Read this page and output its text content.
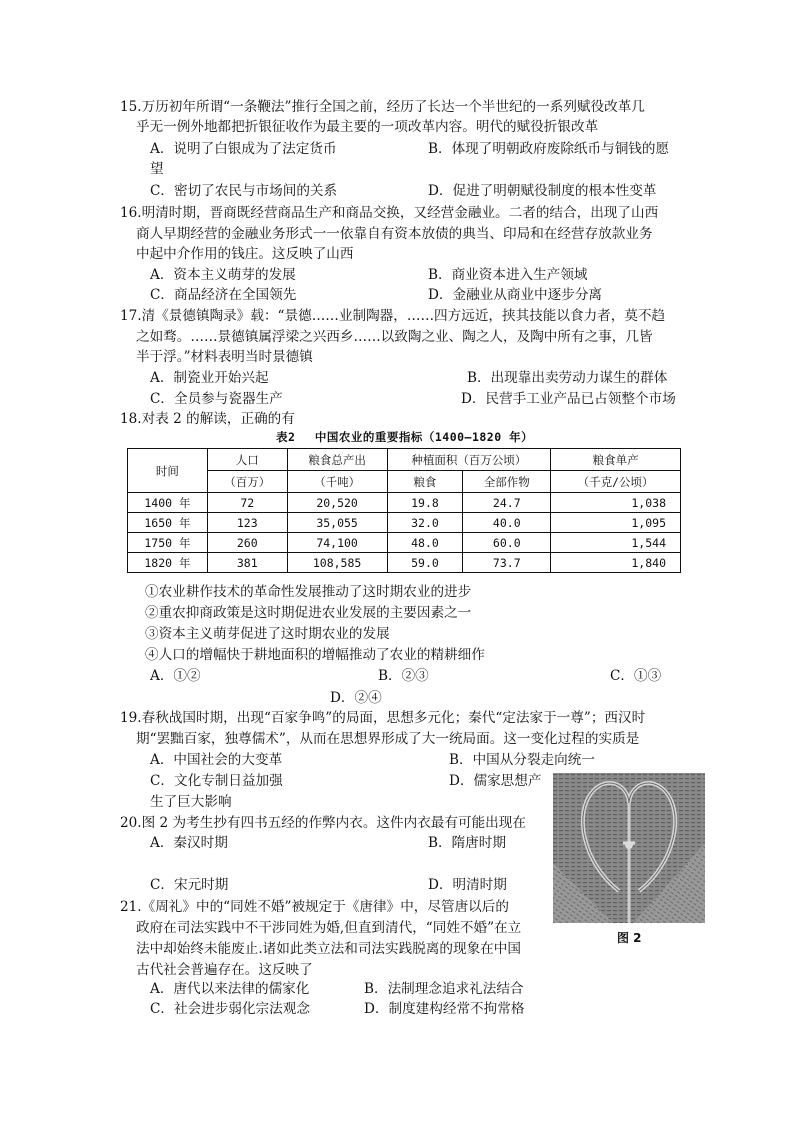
15.万历初年所谓“一条鞭法”推行全国之前，经历了长达一个半世纪的一系列赋役改革几
乎无一例外地都把折银征收作为最主要的一项改革内容。明代的赋役折银改革
A．说明了白银成为了法定货币	B．体现了明朝政府废除纸币与铜钱的愿
望
C．密切了农民与市场间的关系	D．促进了明朝赋役制度的根本性变革
16.明清时期，晋商既经营商品生产和商品交换，又经营金融业。二者的结合，出现了山西
商人早期经营的金融业务形式一一依靠自有资本放债的典当、印局和在经营存放款业务
中起中介作用的钱庄。这反映了山西
A．资本主义萌芽的发展	B．商业资本进入生产领域
C．商品经济在全国领先	D．金融业从商业中逐步分离
17.清《景德镇陶录》载：“景德……业制陶器，……四方远近，挟其技能以食力者，莫不趋
之如骛。……景德镇属浮梁之兴西乡……以致陶之业、陶之人，及陶中所有之事，几皆
半于浮。”材料表明当时景德镇
A．制瓷业开始兴起	B．出现靠出卖劳动力谋生的群体
C．全员参与瓷器生产	D．民营手工业产品已占领整个市场
18.对表 2 的解读，正确的有
表2　 中国农业的重要指标（1400—1820 年）
时间	人口	粮食总产出	种植面积（百万公顷）		粮食单产
	（百万）	（千吨）	粮食	全部作物	（千克/公顷）
1400 年	72	20,520	19.8	24.7	1,038
1650 年	123	35,055	32.0	40.0	1,095
1750 年	260	74,100	48.0	60.0	1,544
1820 年	381	108,585	59.0	73.7	1,840
①农业耕作技术的革命性发展推动了这时期农业的进步
②重农抑商政策是这时期促进农业发展的主要因素之一
③资本主义萌芽促进了这时期农业的发展
④人口的增幅快于耕地面积的增幅推动了农业的精耕细作
A．①②	B．②③	C．①③
D．②④
19.春秋战国时期，出现“百家争鸣”的局面，思想多元化；秦代“定法家于一尊”；西汉时
期“罢黜百家，独尊儒术”，从而在思想界形成了大一统局面。这一变化过程的实质是
A．中国社会的大变革	B．中国从分裂走向统一
C．文化专制日益加强	D．儒家思想产
生了巨大影响
20.图 2 为考生抄有四书五经的作弊内衣。这件内衣最有可能出现在
A．秦汉时期	B．隋唐时期
C．宋元时期	D．明清时期
图 2
21.《周礼》中的“同姓不婚”被规定于《唐律》中，尽管唐以后的
政府在司法实践中不干涉同姓为婚,但直到清代，“同姓不婚”在立
法中却始终未能废止.诸如此类立法和司法实践脱离的现象在中国
古代社会普遍存在。这反映了
A．唐代以来法律的儒家化	B．法制理念追求礼法结合
C．社会进步弱化宗法观念	D．制度建构经常不拘常格
